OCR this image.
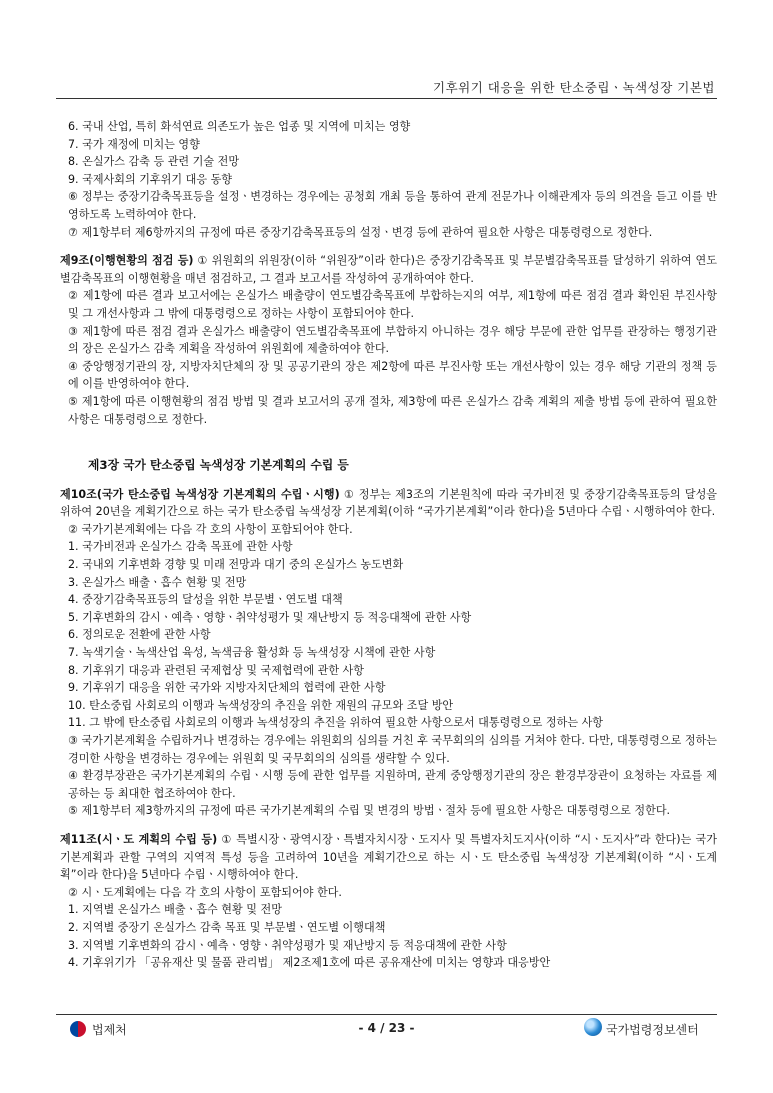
기후위기 대응을 위한 탄소중립ㆍ녹색성장 기본법

6. 국내 산업, 특히 화석연료 의존도가 높은 업종 및 지역에 미치는 영향

7. 국가 재정에 미치는 영향

8. 온실가스 감축 등 관련 기술 전망

9. 국제사회의 기후위기 대응 동향

⑥ 정부는 중장기감축목표등을 설정ㆍ변경하는 경우에는 공청회 개최 등을 통하여 관계 전문가나 이해관계자 등의 의견을 듣고 이를 반영하도록 노력하여야 한다.

⑦ 제1항부터 제6항까지의 규정에 따른 중장기감축목표등의 설정ㆍ변경 등에 관하여 필요한 사항은 대통령령으로 정한다.

제9조(이행현황의 점검 등) ① 위원회의 위원장(이하 “위원장”이라 한다)은 중장기감축목표 및 부문별감축목표를 달성하기 위하여 연도별감축목표의 이행현황을 매년 점검하고, 그 결과 보고서를 작성하여 공개하여야 한다.

② 제1항에 따른 결과 보고서에는 온실가스 배출량이 연도별감축목표에 부합하는지의 여부, 제1항에 따른 점검 결과 확인된 부진사항 및 그 개선사항과 그 밖에 대통령령으로 정하는 사항이 포함되어야 한다.

③ 제1항에 따른 점검 결과 온실가스 배출량이 연도별감축목표에 부합하지 아니하는 경우 해당 부문에 관한 업무를 관장하는 행정기관의 장은 온실가스 감축 계획을 작성하여 위원회에 제출하여야 한다.

④ 중앙행정기관의 장, 지방자치단체의 장 및 공공기관의 장은 제2항에 따른 부진사항 또는 개선사항이 있는 경우 해당 기관의 정책 등에 이를 반영하여야 한다.

⑤ 제1항에 따른 이행현황의 점검 방법 및 결과 보고서의 공개 절차, 제3항에 따른 온실가스 감축 계획의 제출 방법 등에 관하여 필요한 사항은 대통령령으로 정한다.

제3장 국가 탄소중립 녹색성장 기본계획의 수립 등

제10조(국가 탄소중립 녹색성장 기본계획의 수립ㆍ시행) ① 정부는 제3조의 기본원칙에 따라 국가비전 및 중장기감축목표등의 달성을 위하여 20년을 계획기간으로 하는 국가 탄소중립 녹색성장 기본계획(이하 “국가기본계획”이라 한다)을 5년마다 수립ㆍ시행하여야 한다.

② 국가기본계획에는 다음 각 호의 사항이 포함되어야 한다.

1. 국가비전과 온실가스 감축 목표에 관한 사항

2. 국내외 기후변화 경향 및 미래 전망과 대기 중의 온실가스 농도변화

3. 온실가스 배출ㆍ흡수 현황 및 전망

4. 중장기감축목표등의 달성을 위한 부문별ㆍ연도별 대책

5. 기후변화의 감시ㆍ예측ㆍ영향ㆍ취약성평가 및 재난방지 등 적응대책에 관한 사항

6. 정의로운 전환에 관한 사항

7. 녹색기술ㆍ녹색산업 육성, 녹색금융 활성화 등 녹색성장 시책에 관한 사항

8. 기후위기 대응과 관련된 국제협상 및 국제협력에 관한 사항

9. 기후위기 대응을 위한 국가와 지방자치단체의 협력에 관한 사항

10. 탄소중립 사회로의 이행과 녹색성장의 추진을 위한 재원의 규모와 조달 방안

11. 그 밖에 탄소중립 사회로의 이행과 녹색성장의 추진을 위하여 필요한 사항으로서 대통령령으로 정하는 사항

③ 국가기본계획을 수립하거나 변경하는 경우에는 위원회의 심의를 거친 후 국무회의의 심의를 거쳐야 한다. 다만, 대통령령으로 정하는 경미한 사항을 변경하는 경우에는 위원회 및 국무회의의 심의를 생략할 수 있다.

④ 환경부장관은 국가기본계획의 수립ㆍ시행 등에 관한 업무를 지원하며, 관계 중앙행정기관의 장은 환경부장관이 요청하는 자료를 제공하는 등 최대한 협조하여야 한다.

⑤ 제1항부터 제3항까지의 규정에 따른 국가기본계획의 수립 및 변경의 방법ㆍ절차 등에 필요한 사항은 대통령령으로 정한다.

제11조(시ㆍ도 계획의 수립 등) ① 특별시장ㆍ광역시장ㆍ특별자치시장ㆍ도지사 및 특별자치도지사(이하 “시ㆍ도지사”라 한다)는 국가기본계획과 관할 구역의 지역적 특성 등을 고려하여 10년을 계획기간으로 하는 시ㆍ도 탄소중립 녹색성장 기본계획(이하 “시ㆍ도계획”이라 한다)을 5년마다 수립ㆍ시행하여야 한다.

② 시ㆍ도계획에는 다음 각 호의 사항이 포함되어야 한다.

1. 지역별 온실가스 배출ㆍ흡수 현황 및 전망

2. 지역별 중장기 온실가스 감축 목표 및 부문별ㆍ연도별 이행대책

3. 지역별 기후변화의 감시ㆍ예측ㆍ영향ㆍ취약성평가 및 재난방지 등 적응대책에 관한 사항

4. 기후위기가 「공유재산 및 물품 관리법」 제2조제1호에 따른 공유재산에 미치는 영향과 대응방안

법제처	- 4 / 23 -	국가법령정보센터
